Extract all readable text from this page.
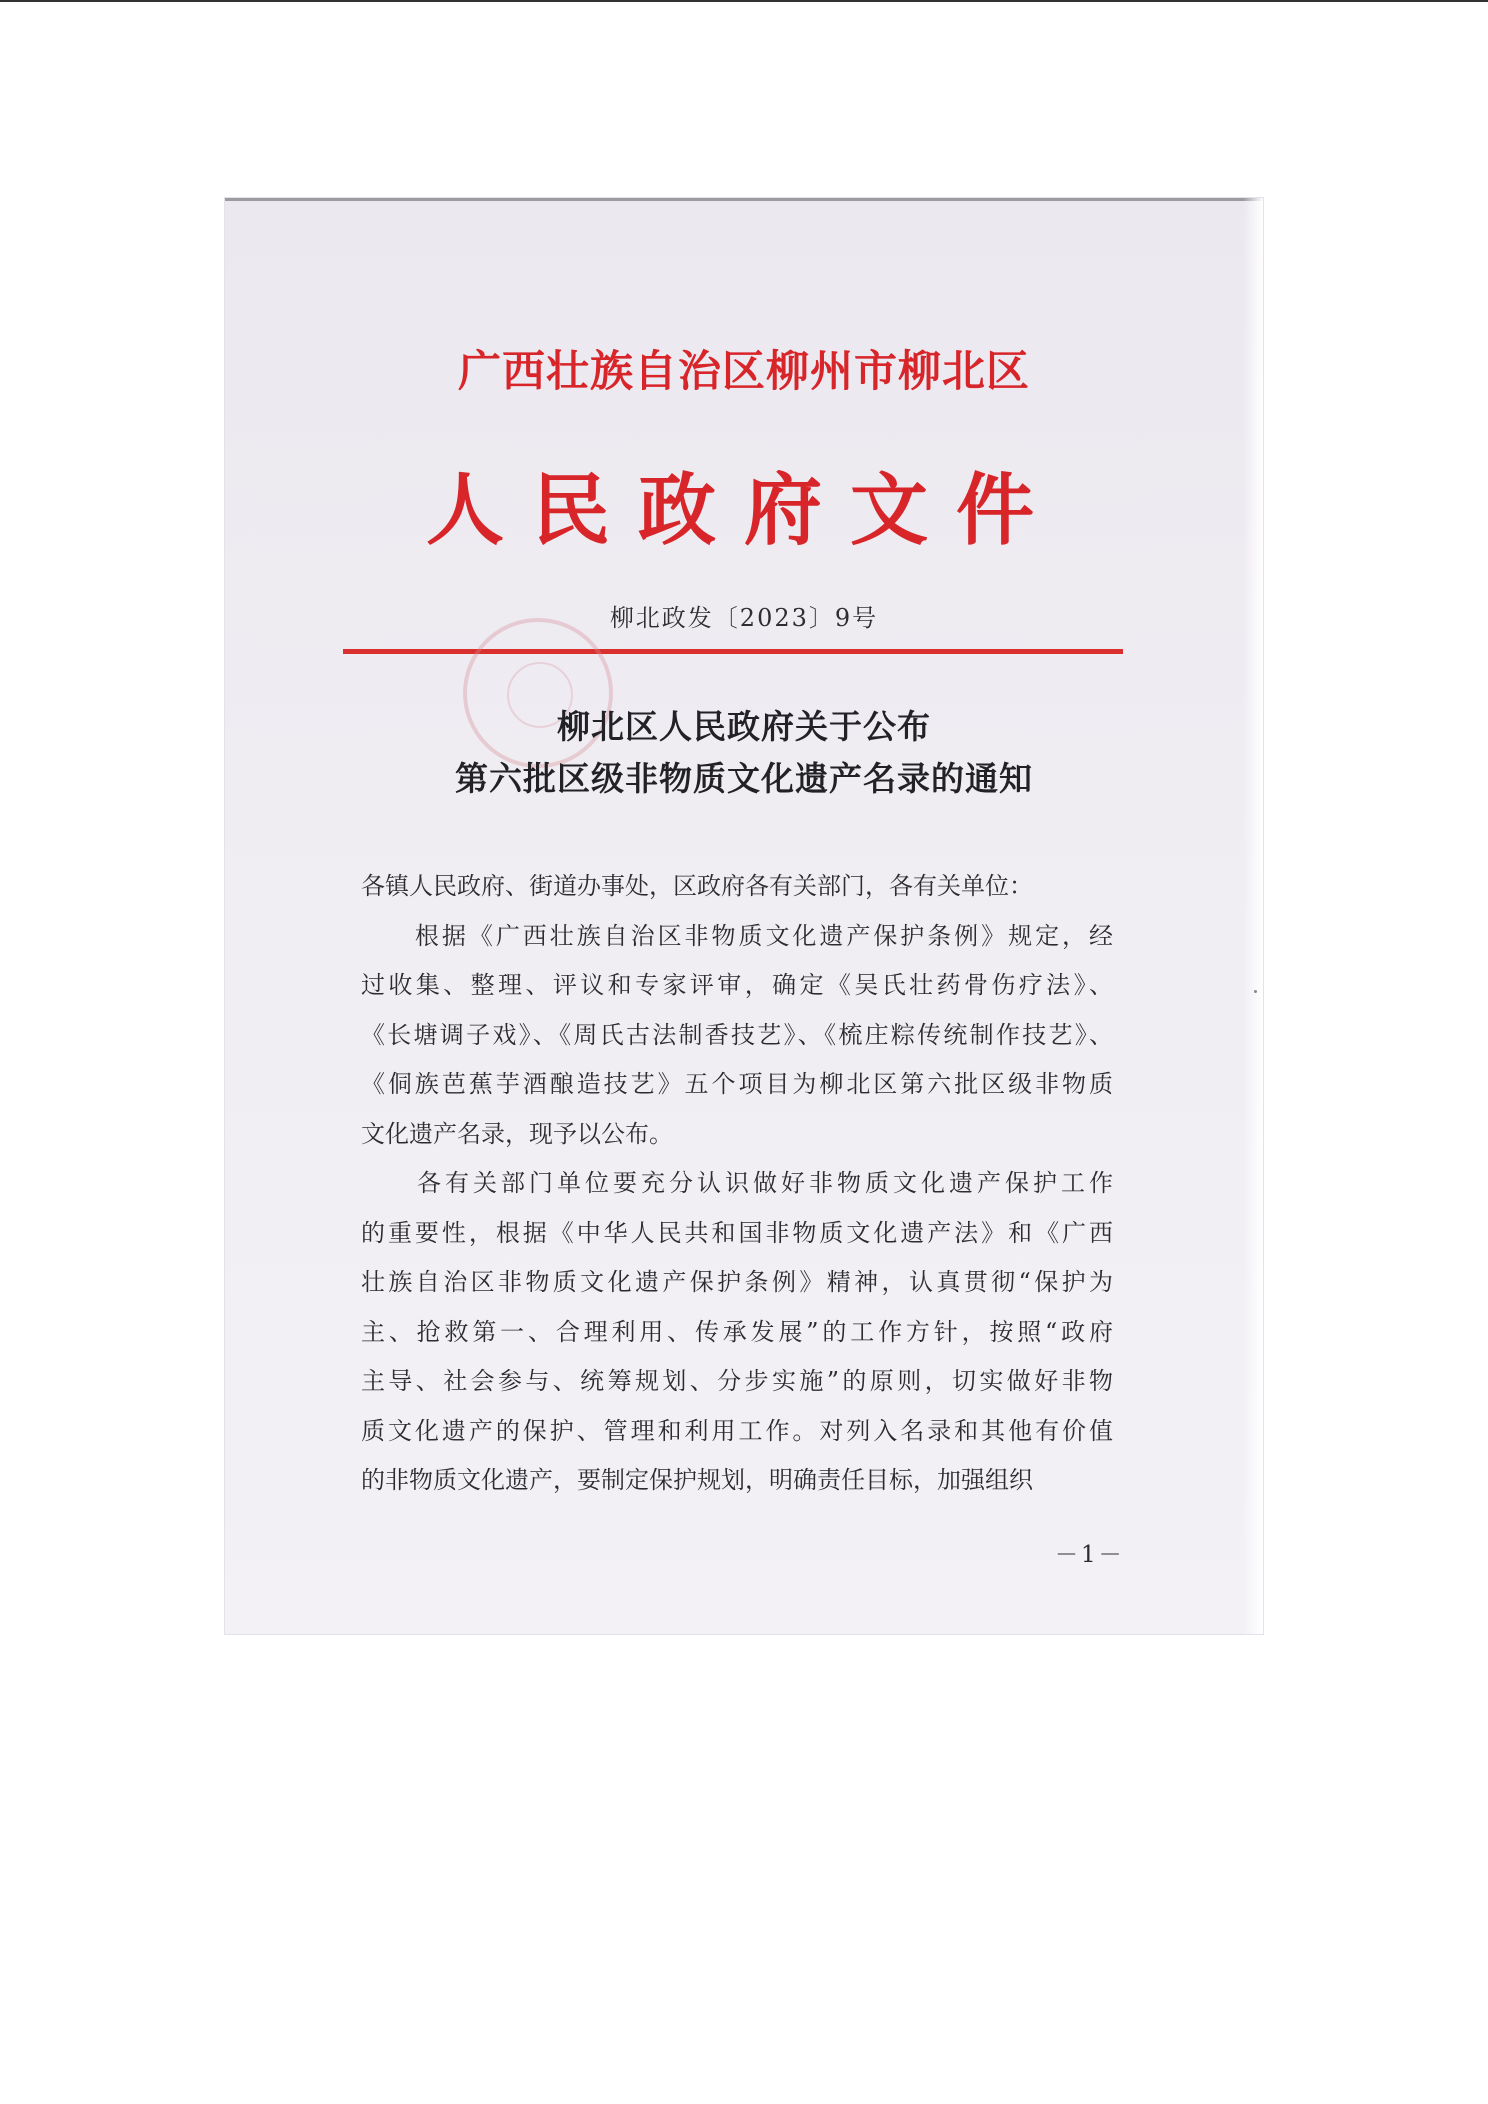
广西壮族自治区柳州市柳北区
人民政府文件
柳北政发〔2023〕9号
柳北区人民政府关于公布
第六批区级非物质文化遗产名录的通知
各镇人民政府、街道办事处，区政府各有关部门，各有关单位：
　　根据《广西壮族自治区非物质文化遗产保护条例》规定，经
过收集、整理、评议和专家评审，确定《吴氏壮药骨伤疗法》、
《长塘调子戏》、《周氏古法制香技艺》、《梳庄粽传统制作技艺》、
《侗族芭蕉芋酒酿造技艺》五个项目为柳北区第六批区级非物质
文化遗产名录，现予以公布。
　　各有关部门单位要充分认识做好非物质文化遗产保护工作
的重要性，根据《中华人民共和国非物质文化遗产法》和《广西
壮族自治区非物质文化遗产保护条例》精神，认真贯彻“保护为
主、抢救第一、合理利用、传承发展”的工作方针，按照“政府
主导、社会参与、统筹规划、分步实施”的原则，切实做好非物
质文化遗产的保护、管理和利用工作。对列入名录和其他有价值
的非物质文化遗产，要制定保护规划，明确责任目标，加强组织
－1－
